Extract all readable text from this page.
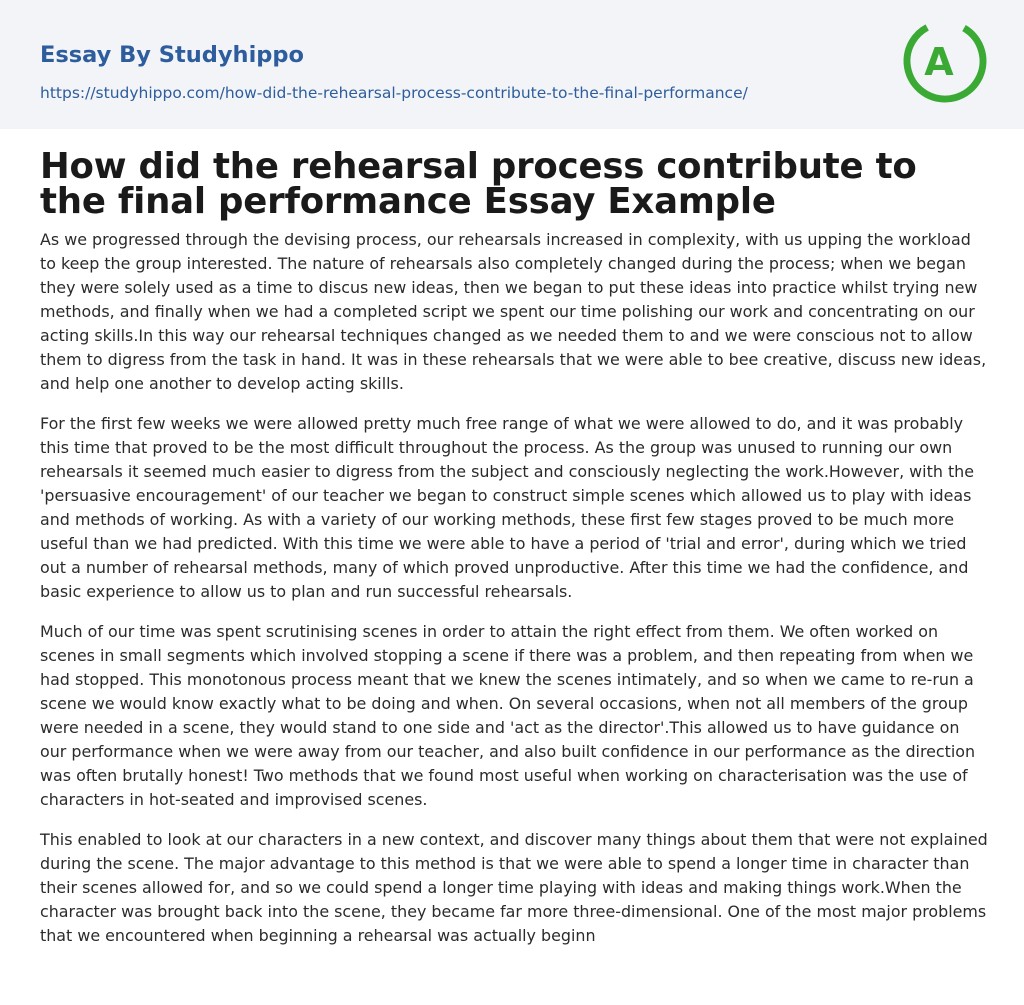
Essay By Studyhippo
https://studyhippo.com/how-did-the-rehearsal-process-contribute-to-the-final-performance/
A
How did the rehearsal process contribute to the final performance Essay Example

As we progressed through the devising process, our rehearsals increased in complexity, with us upping the workload to keep the group interested. The nature of rehearsals also completely changed during the process; when we began they were solely used as a time to discus new ideas, then we began to put these ideas into practice whilst trying new methods, and finally when we had a completed script we spent our time polishing our work and concentrating on our acting skills.In this way our rehearsal techniques changed as we needed them to and we were conscious not to allow them to digress from the task in hand. It was in these rehearsals that we were able to bee creative, discuss new ideas, and help one another to develop acting skills.

For the first few weeks we were allowed pretty much free range of what we were allowed to do, and it was probably this time that proved to be the most difficult throughout the process. As the group was unused to running our own rehearsals it seemed much easier to digress from the subject and consciously neglecting the work.However, with the 'persuasive encouragement' of our teacher we began to construct simple scenes which allowed us to play with ideas and methods of working. As with a variety of our working methods, these first few stages proved to be much more useful than we had predicted. With this time we were able to have a period of 'trial and error', during which we tried out a number of rehearsal methods, many of which proved unproductive. After this time we had the confidence, and basic experience to allow us to plan and run successful rehearsals.

Much of our time was spent scrutinising scenes in order to attain the right effect from them. We often worked on scenes in small segments which involved stopping a scene if there was a problem, and then repeating from when we had stopped. This monotonous process meant that we knew the scenes intimately, and so when we came to re-run a scene we would know exactly what to be doing and when. On several occasions, when not all members of the group were needed in a scene, they would stand to one side and 'act as the director'.This allowed us to have guidance on our performance when we were away from our teacher, and also built confidence in our performance as the direction was often brutally honest! Two methods that we found most useful when working on characterisation was the use of characters in hot-seated and improvised scenes.

This enabled to look at our characters in a new context, and discover many things about them that were not explained during the scene. The major advantage to this method is that we were able to spend a longer time in character than their scenes allowed for, and so we could spend a longer time playing with ideas and making things work.When the character was brought back into the scene, they became far more three-dimensional. One of the most major problems that we encountered when beginning a rehearsal was actually beginn
